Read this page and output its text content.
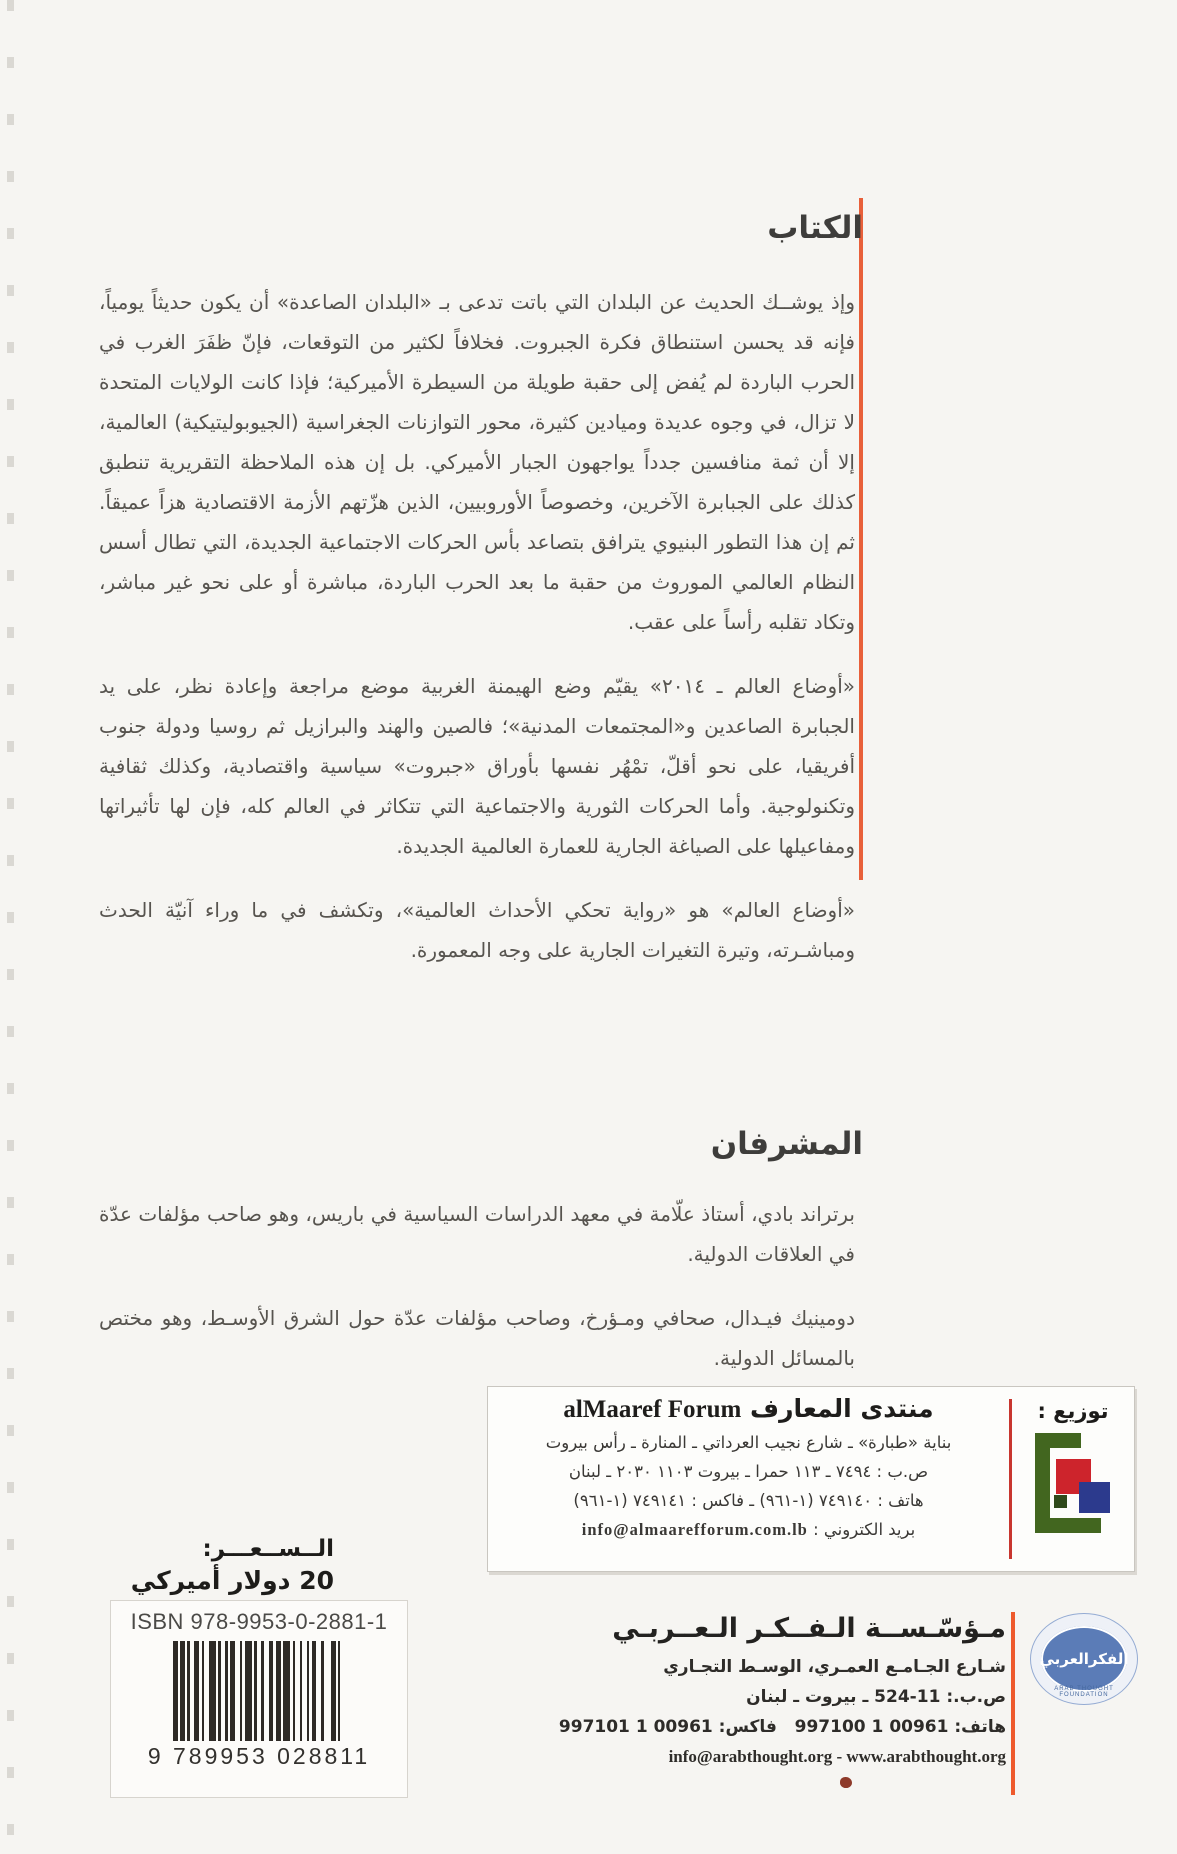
الكتاب

وإذ يوشــك الحديث عن البلدان التي باتت تدعى بـ «البلدان الصاعدة» أن يكون حديثاً يومياً، فإنه قد يحسن استنطاق فكرة الجبروت. فخلافاً لكثير من التوقعات، فإنّ ظفَرَ الغرب في الحرب الباردة لم يُفض إلى حقبة طويلة من السيطرة الأميركية؛ فإذا كانت الولايات المتحدة لا تزال، في وجوه عديدة وميادين كثيرة، محور التوازنات الجغراسية (الجيوبوليتيكية) العالمية، إلا أن ثمة منافسين جدداً يواجهون الجبار الأميركي. بل إن هذه الملاحظة التقريرية تنطبق كذلك على الجبابرة الآخرين، وخصوصاً الأوروبيين، الذين هزّتهم الأزمة الاقتصادية هزاً عميقاً. ثم إن هذا التطور البنيوي يترافق بتصاعد بأس الحركات الاجتماعية الجديدة، التي تطال أسس النظام العالمي الموروث من حقبة ما بعد الحرب الباردة، مباشرة أو على نحو غير مباشر، وتكاد تقلبه رأساً على عقب.

«أوضاع العالم ـ ٢٠١٤» يقيّم وضع الهيمنة الغربية موضع مراجعة وإعادة نظر، على يد الجبابرة الصاعدين و«المجتمعات المدنية»؛ فالصين والهند والبرازيل ثم روسيا ودولة جنوب أفريقيا، على نحو أقلّ، تمْهُر نفسها بأوراق «جبروت» سياسية واقتصادية، وكذلك ثقافية وتكنولوجية. وأما الحركات الثورية والاجتماعية التي تتكاثر في العالم كله، فإن لها تأثيراتها ومفاعيلها على الصياغة الجارية للعمارة العالمية الجديدة.

«أوضاع العالم» هو «رواية تحكي الأحداث العالمية»، وتكشف في ما وراء آنيّة الحدث ومباشـرته، وتيرة التغيرات الجارية على وجه المعمورة.

المشرفان

برتراند بادي، أستاذ علّامة في معهد الدراسات السياسية في باريس، وهو صاحب مؤلفات عدّة في العلاقات الدولية.

دومينيك فيـدال، صحافي ومـؤرخ، وصاحب مؤلفات عدّة حول الشرق الأوسـط، وهو مختص بالمسائل الدولية.

منتدى المعارف alMaaref Forum
بناية «طبارة» ـ شارع نجيب العرداتي ـ المنارة ـ رأس بيروت
ص.ب : ٧٤٩٤ ـ ١١٣ حمرا ـ بيروت ١١٠٣ ٢٠٣٠ ـ لبنان
هاتف : ٧٤٩١٤٠ (١-٩٦١) ـ فاكس : ٧٤٩١٤١ (١-٩٦١)
بريد الكتروني : info@almaarefforum.com.lb
توزيع :
الــســعـــر:
20 دولار أميركي
ISBN 978-9953-0-2881-1
9 789953 028811
مـؤسّـســة الـفــكـر الـعــربـي
شـارع الجـامـع العمـري، الوسـط التجـاري
ص.ب.: 11-524 ـ بيروت ـ لبنان
هاتف: 00961 1 997100   فاكس: 00961 1 997101
info@arabthought.org - www.arabthought.org
الفكرالعربي
ARAB THOUGHT FOUNDATION
